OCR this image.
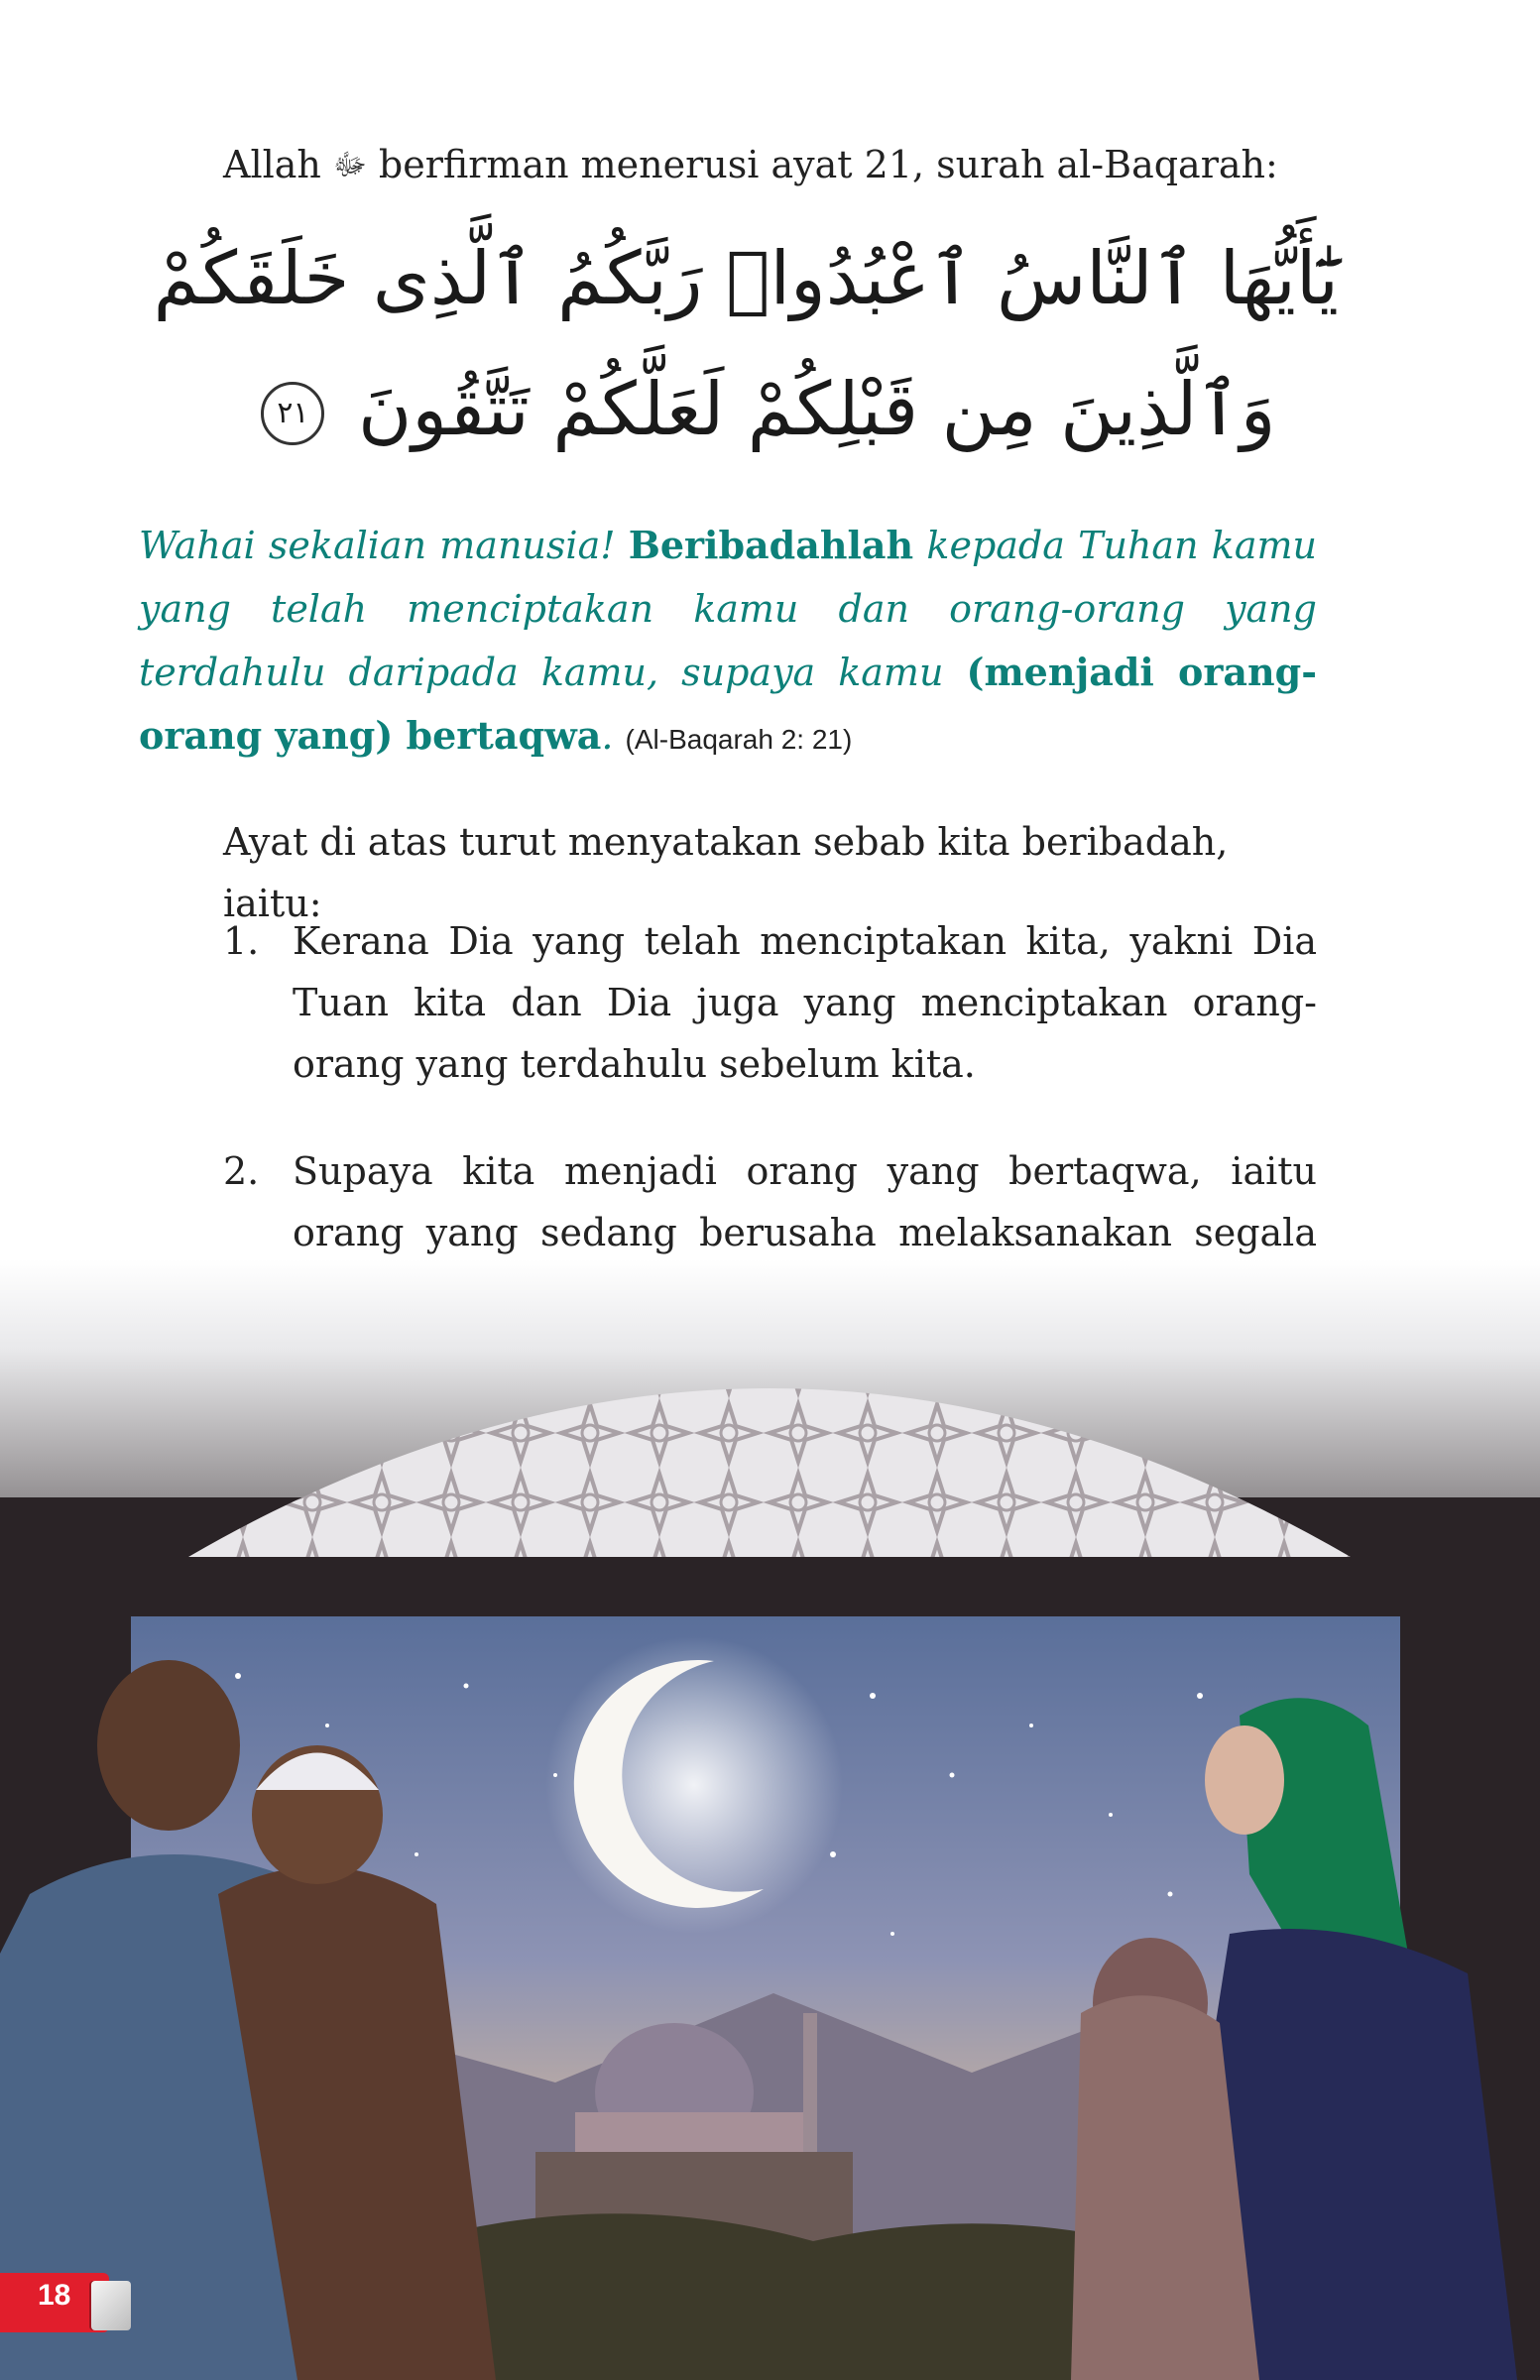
Allah ﷻ berfirman menerusi ayat 21, surah al-Baqarah:
يَٰٓأَيُّهَا ٱلنَّاسُ ٱعْبُدُوا۟ رَبَّكُمُ ٱلَّذِى خَلَقَكُمْ
وَٱلَّذِينَ مِن قَبْلِكُمْ لَعَلَّكُمْ تَتَّقُونَ ٢١
Wahai sekalian manusia! Beribadahlah kepada Tuhan kamu yang telah menciptakan kamu dan orang-orang yang terdahulu daripada kamu, supaya kamu (menjadi orang-orang yang) bertaqwa. (Al-Baqarah 2: 21)
Ayat di atas turut menyatakan sebab kita beribadah, iaitu:
1. Kerana Dia yang telah menciptakan kita, yakni Dia Tuan kita dan Dia juga yang menciptakan orang-orang yang terdahulu sebelum kita.
2. Supaya kita menjadi orang yang bertaqwa, iaitu orang yang sedang berusaha melaksanakan segala
18
